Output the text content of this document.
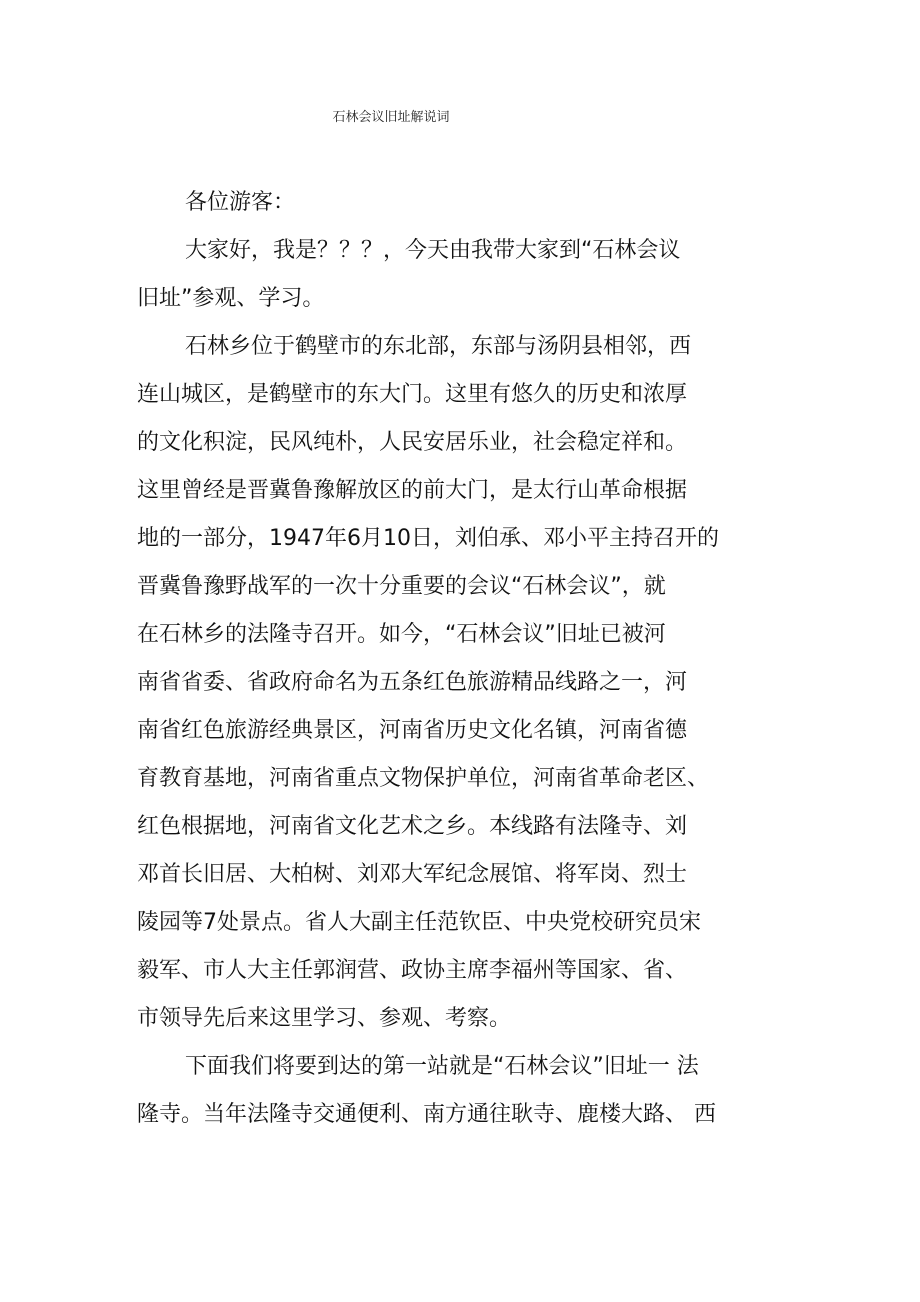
石林会议旧址解说词
各位游客：
大家好，我是？？？，今天由我带大家到“石林会议
旧址”参观、学习。
石林乡位于鹤壁市的东北部，东部与汤阴县相邻，西
连山城区，是鹤壁市的东大门。这里有悠久的历史和浓厚
的文化积淀，民风纯朴，人民安居乐业，社会稳定祥和。
这里曾经是晋冀鲁豫解放区的前大门，是太行山革命根据
地的一部分，1947年6月10日，刘伯承、邓小平主持召开的
晋冀鲁豫野战军的一次十分重要的会议“石林会议”，就
在石林乡的法隆寺召开。如今，“石林会议”旧址已被河
南省省委、省政府命名为五条红色旅游精品线路之一，河
南省红色旅游经典景区，河南省历史文化名镇，河南省德
育教育基地，河南省重点文物保护单位，河南省革命老区、
红色根据地，河南省文化艺术之乡。本线路有法隆寺、刘
邓首长旧居、大柏树、刘邓大军纪念展馆、将军岗、烈士
陵园等7处景点。省人大副主任范钦臣、中央党校研究员宋
毅军、市人大主任郭润营、政协主席李福州等国家、省、
市领导先后来这里学习、参观、考察。
下面我们将要到达的第一站就是“石林会议”旧址一 法
隆寺。当年法隆寺交通便利、南方通往耿寺、鹿楼大路、 西
